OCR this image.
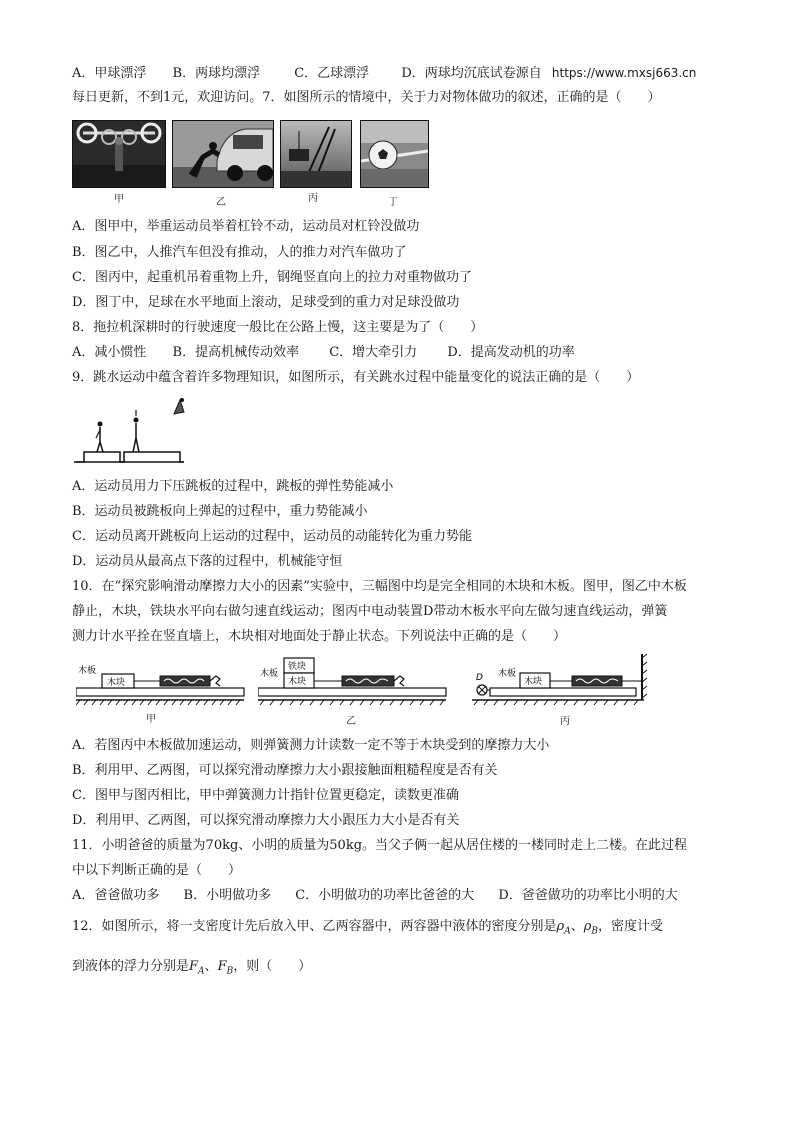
A．甲球漂浮 B．两球均漂浮	C．乙球漂浮 D．两球均沉底试卷源自 https://www.mxsj663.cn
每日更新，不到1元，欢迎访问。7．如图所示的情境中，关于力对物体做功的叙述，正确的是（　　）
甲	乙	丙	丁
A．图甲中，举重运动员举着杠铃不动，运动员对杠铃没做功
B．图乙中，人推汽车但没有推动，人的推力对汽车做功了
C．图丙中，起重机吊着重物上升，钢绳竖直向上的拉力对重物做功了
D．图丁中，足球在水平地面上滚动，足球受到的重力对足球没做功
8．拖拉机深耕时的行驶速度一般比在公路上慢，这主要是为了（　　）
A．减小惯性 B．提高机械传动效率 C．增大牵引力 D．提高发动机的功率
9．跳水运动中蕴含着许多物理知识，如图所示，有关跳水过程中能量变化的说法正确的是（　　）
A．运动员用力下压跳板的过程中，跳板的弹性势能减小
B．运动员被跳板向上弹起的过程中，重力势能减小
C．运动员离开跳板向上运动的过程中，运动员的动能转化为重力势能
D．运动员从最高点下落的过程中，机械能守恒
10．在“探究影响滑动摩擦力大小的因素”实验中，三幅图中均是完全相同的木块和木板。图甲，图乙中木板
静止，木块，铁块水平向右做匀速直线运动；图丙中电动装置D带动木板水平向左做匀速直线运动，弹簧
测力计水平拴在竖直墙上，木块相对地面处于静止状态。下列说法中正确的是（　　）
木板
木块
甲
木板
铁块
木块
乙
D 木板
木块
丙
A．若图丙中木板做加速运动，则弹簧测力计读数一定不等于木块受到的摩擦力大小
B．利用甲、乙两图，可以探究滑动摩擦力大小跟接触面粗糙程度是否有关
C．图甲与图丙相比，甲中弹簧测力计指针位置更稳定，读数更准确
D．利用甲、乙两图，可以探究滑动摩擦力大小跟压力大小是否有关
11．小明爸爸的质量为70kg、小明的质量为50kg。当父子俩一起从居住楼的一楼同时走上二楼。在此过程
中以下判断正确的是（　　）
A．爸爸做功多 B．小明做功多 C．小明做功的功率比爸爸的大 D．爸爸做功的功率比小明的大
12．如图所示，将一支密度计先后放入甲、乙两容器中，两容器中液体的密度分别是$\rho_A$、$\rho_B$，密度计受
到液体的浮力分别是$F_A$、$F_B$，则（　　）
